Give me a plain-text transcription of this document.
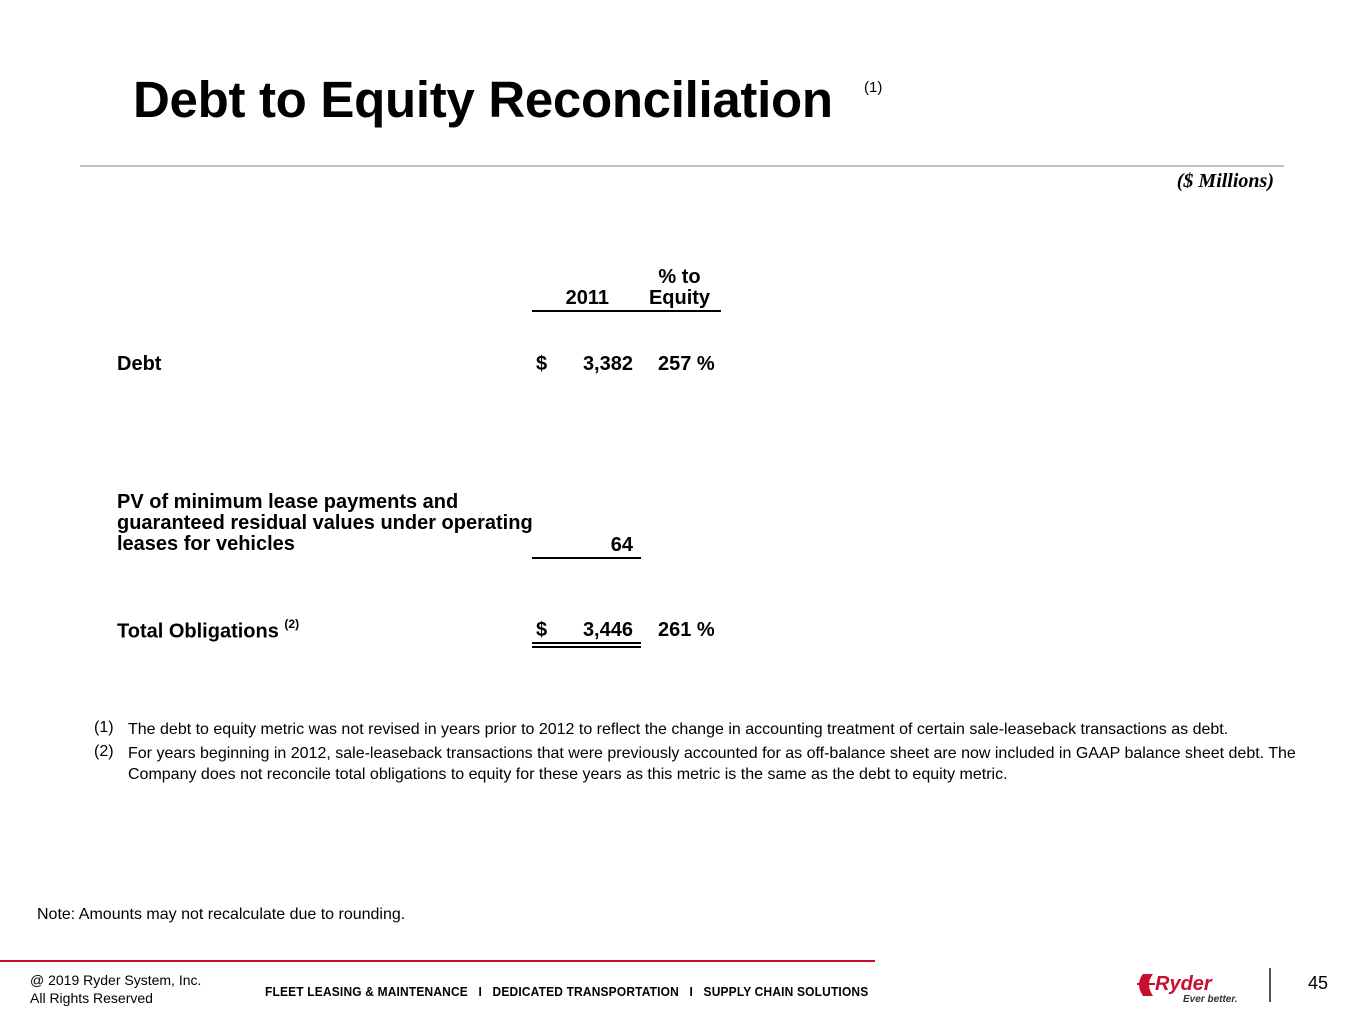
Debt to Equity Reconciliation (1)
($ Millions)
% to
2011	Equity
Debt	$	3,382 257 %
PV of minimum lease payments and guaranteed residual values under operating leases for vehicles	64
Total Obligations $^{(2)}$	$	3,446 261 %
(1) The debt to equity metric was not revised in years prior to 2012 to reflect the change in accounting treatment of certain sale-leaseback transactions as debt.
(2) For years beginning in 2012, sale-leaseback transactions that were previously accounted for as off-balance sheet are now included in GAAP balance sheet debt. The Company does not reconcile total obligations to equity for these years as this metric is the same as the debt to equity metric.
Note: Amounts may not recalculate due to rounding.
@ 2019 Ryder System, Inc.
All Rights Reserved	FLEET LEASING & MAINTENANCE   I   DEDICATED TRANSPORTATION   I   SUPPLY CHAIN SOLUTIONS	Ryder
Ever better.
45
